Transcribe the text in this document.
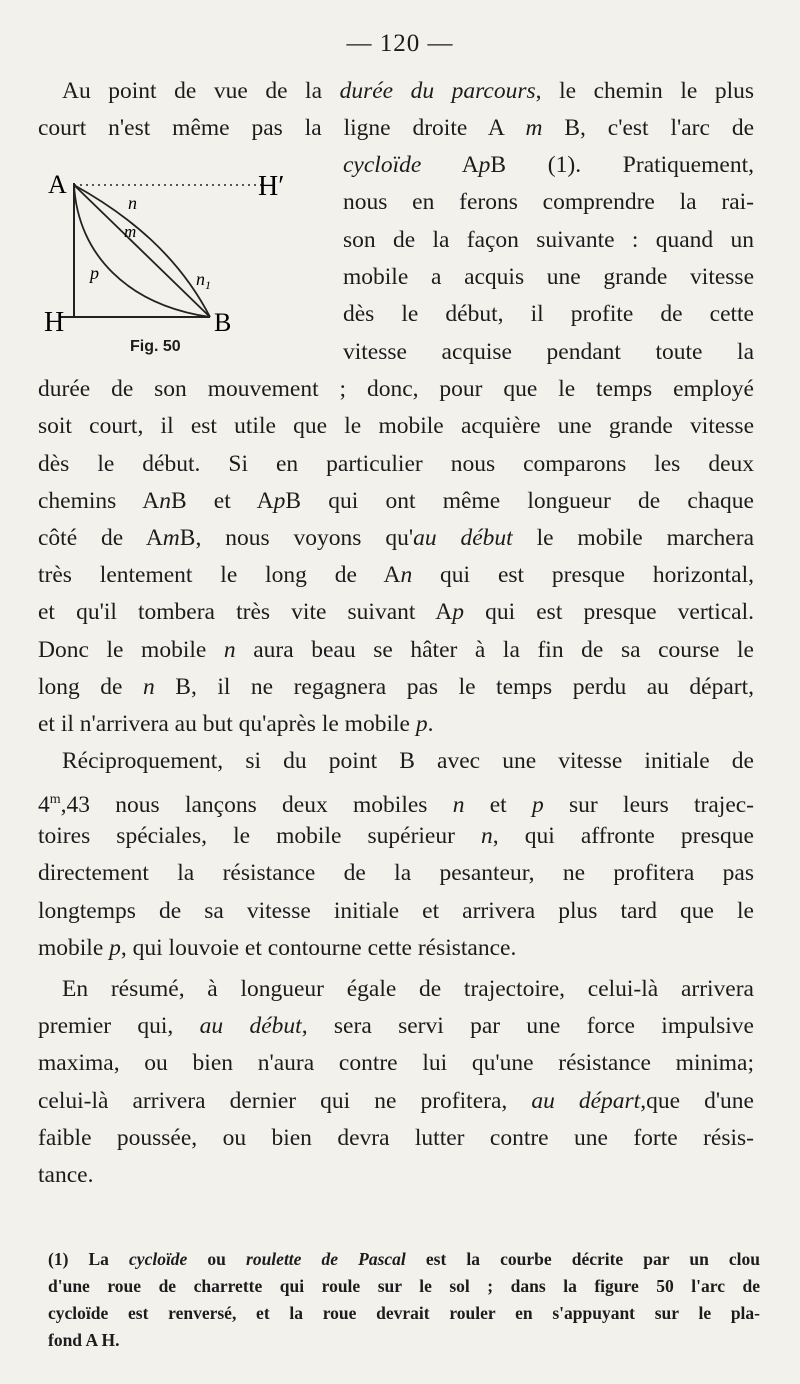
— 120 —
Au point de vue de la durée du parcours, le chemin le plus
court n'est même pas la ligne droite A m B, c'est l'arc de
cycloïde ApB (1). Pratiquement,
nous en ferons comprendre la rai-
son de la façon suivante : quand un
mobile a acquis une grande vitesse
dès le début, il profite de cette
vitesse acquise pendant toute la
durée de son mouvement ; donc, pour que le temps employé
soit court, il est utile que le mobile acquière une grande vitesse
dès le début. Si en particulier nous comparons les deux
chemins AnB et ApB qui ont même longueur de chaque
côté de AmB, nous voyons qu'au début le mobile marchera
très lentement le long de An qui est presque horizontal,
et qu'il tombera très vite suivant Ap qui est presque vertical.
Donc le mobile n aura beau se hâter à la fin de sa course le
long de n B, il ne regagnera pas le temps perdu au départ,
et il n'arrivera au but qu'après le mobile p.
Réciproquement, si du point B avec une vitesse initiale de
4$^m$,43 nous lançons deux mobiles n et p sur leurs trajec-
toires spéciales, le mobile supérieur n, qui affronte presque
directement la résistance de la pesanteur, ne profitera pas
longtemps de sa vitesse initiale et arrivera plus tard que le
mobile p, qui louvoie et contourne cette résistance.
En résumé, à longueur égale de trajectoire, celui-là arrivera
premier qui, au début, sera servi par une force impulsive
maxima, ou bien n'aura contre lui qu'une résistance minima;
celui-là arrivera dernier qui ne profitera, au départ,que d'une
faible poussée, ou bien devra lutter contre une forte résis-
tance.
A	H′
H	B
n
m
p	$n_1$
Fig. 50
(1) La cycloïde ou roulette de Pascal est la courbe décrite par un clou
d'une roue de charrette qui roule sur le sol ; dans la figure 50 l'arc de
cycloïde est renversé, et la roue devrait rouler en s'appuyant sur le pla-
fond A H.
